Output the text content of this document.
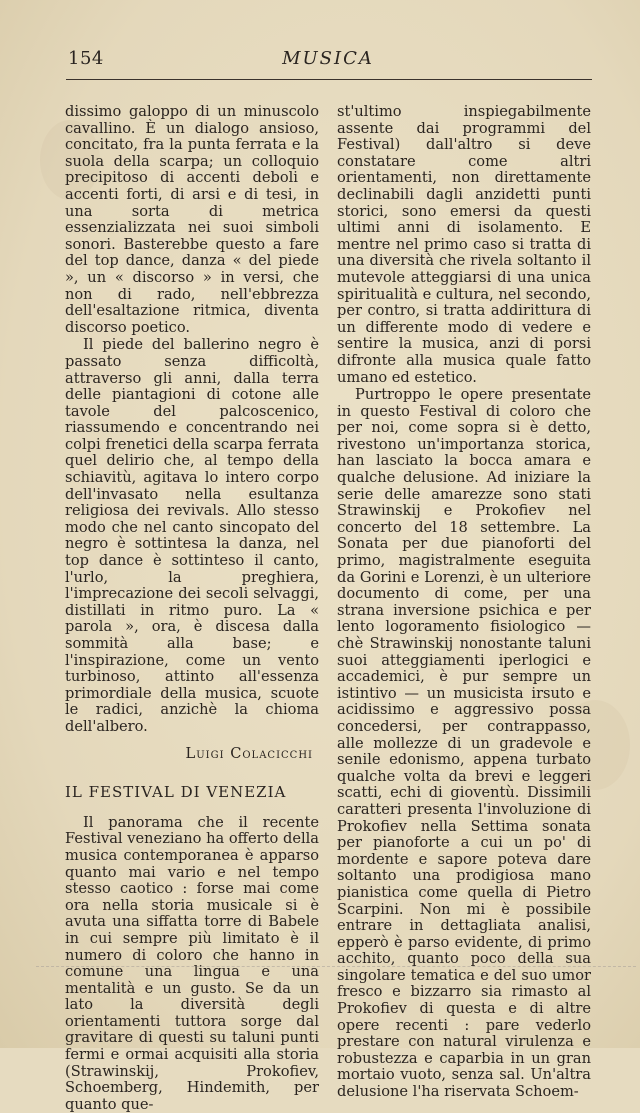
154	MUSICA

dissimo galoppo di un minuscolo cavallino. È un dialogo ansioso, concitato, fra la punta ferrata e la suola della scarpa; un colloquio precipitoso di accenti deboli e accenti forti, di arsi e di tesi, in una sorta di metrica essenzializzata nei suoi simboli sonori. Basterebbe questo a fare del top dance, danza « del piede », un « discorso » in versi, che non di rado, nell'ebbrezza dell'esaltazione ritmica, diventa discorso poetico.

Il piede del ballerino negro è passato senza difficoltà, attraverso gli anni, dalla terra delle piantagioni di cotone alle tavole del palcoscenico, riassumendo e concentrando nei colpi frenetici della scarpa ferrata quel delirio che, al tempo della schiavitù, agitava lo intero corpo dell'invasato nella esultanza religiosa dei revivals. Allo stesso modo che nel canto sincopato del negro è sottintesa la danza, nel top dance è sottinteso il canto, l'urlo, la preghiera, l'imprecazione dei secoli selvaggi, distillati in ritmo puro. La « parola », ora, è discesa dalla sommità alla base; e l'inspirazione, come un vento turbinoso, attinto all'essenza primordiale della musica, scuote le radici, anzichè la chioma dell'albero.

Luigi Colacicchi

IL FESTIVAL DI VENEZIA

Il panorama che il recente Festival veneziano ha offerto della musica contemporanea è apparso quanto mai vario e nel tempo stesso caotico : forse mai come ora nella storia musicale si è avuta una siffatta torre di Babele in cui sempre più limitato è il numero di coloro che hanno in comune una lingua e una mentalità e un gusto. Se da un lato la diversità degli orientamenti tuttora sorge dal gravitare di questi su taluni punti fermi e ormai acquisiti alla storia (Strawinskij, Prokofiev, Schoemberg, Hindemith, per quanto que-

st'ultimo inspiegabilmente assente dai programmi del Festival) dall'altro si deve constatare come altri orientamenti, non direttamente declinabili dagli anzidetti punti storici, sono emersi da questi ultimi anni di isolamento. E mentre nel primo caso si tratta di una diversità che rivela soltanto il mutevole atteggiarsi di una unica spiritualità e cultura, nel secondo, per contro, si tratta addirittura di un differente modo di vedere e sentire la musica, anzi di porsi difronte alla musica quale fatto umano ed estetico.

Purtroppo le opere presentate in questo Festival di coloro che per noi, come sopra si è detto, rivestono un'importanza storica, han lasciato la bocca amara e qualche delusione. Ad iniziare la serie delle amarezze sono stati Strawinskij e Prokofiev nel concerto del 18 settembre. La Sonata per due pianoforti del primo, magistralmente eseguita da Gorini e Lorenzi, è un ulteriore documento di come, per una strana inversione psichica e per lento logoramento fisiologico — chè Strawinskij nonostante taluni suoi atteggiamenti iperlogici e accademici, è pur sempre un istintivo — un musicista irsuto e acidissimo e aggressivo possa concedersi, per contrappasso, alle mollezze di un gradevole e senile edonismo, appena turbato qualche volta da brevi e leggeri scatti, echi di gioventù. Dissimili caratteri presenta l'involuzione di Prokofiev nella Settima sonata per pianoforte a cui un po' di mordente e sapore poteva dare soltanto una prodigiosa mano pianistica come quella di Pietro Scarpini. Non mi è possibile entrare in dettagliata analisi, epperò è parso evidente, di primo acchito, quanto poco della sua singolare tematica e del suo umor fresco e bizzarro sia rimasto al Prokofiev di questa e di altre opere recenti : pare vederlo prestare con natural virulenza e robustezza e caparbia in un gran mortaio vuoto, senza sal. Un'altra delusione l'ha riservata Schoem-
